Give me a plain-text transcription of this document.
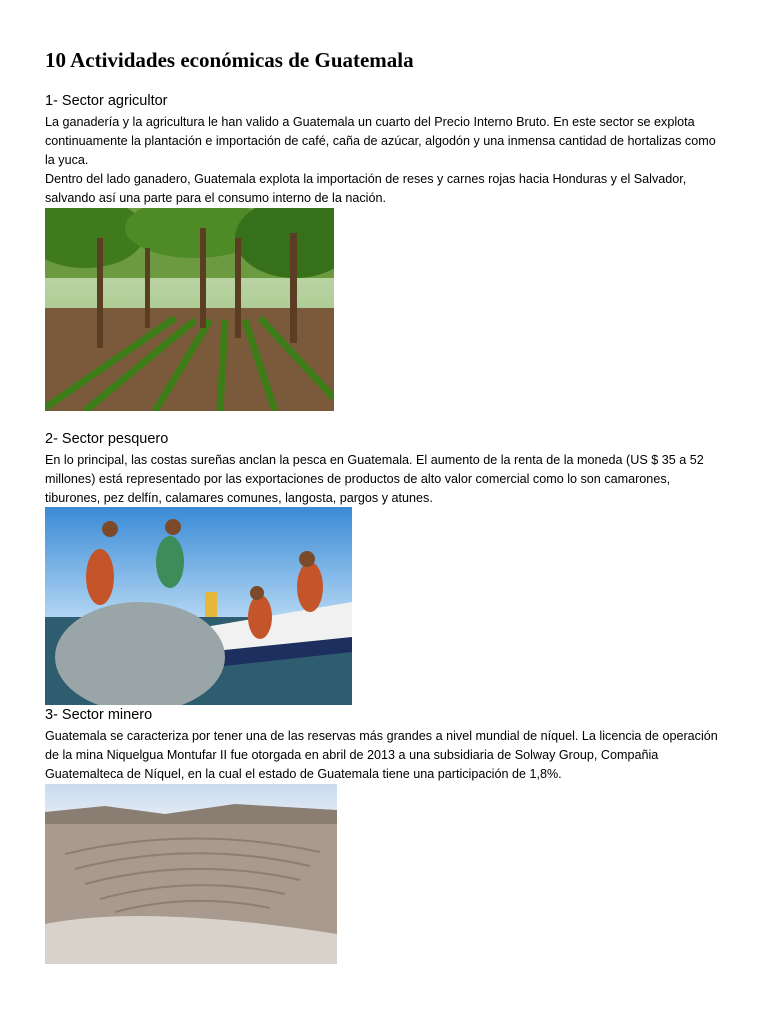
10 Actividades económicas de Guatemala
1- Sector agricultor

La ganadería y la agricultura le han valido a Guatemala un cuarto del Precio Interno Bruto. En este sector se explota continuamente la plantación e importación de café, caña de azúcar, algodón y una inmensa cantidad de hortalizas como la yuca.

Dentro del lado ganadero, Guatemala explota la importación de reses y carnes rojas hacia Honduras y el Salvador, salvando así una parte para el consumo interno de la nación.

2- Sector pesquero

En lo principal, las costas sureñas anclan la pesca en Guatemala. El aumento de la renta de la moneda (US $ 35 a 52 millones) está representado por las exportaciones de productos de alto valor comercial como lo son camarones, tiburones, pez delfín, calamares comunes, langosta, pargos y atunes.

3- Sector minero

Guatemala se caracteriza por tener una de las reservas más grandes a nivel mundial de níquel. La licencia de operación de la mina Niquelgua Montufar II fue otorgada en abril de 2013 a una subsidiaria de Solway Group, Compañia Guatemalteca de Níquel, en la cual el estado de Guatemala tiene una participación de 1,8%.
